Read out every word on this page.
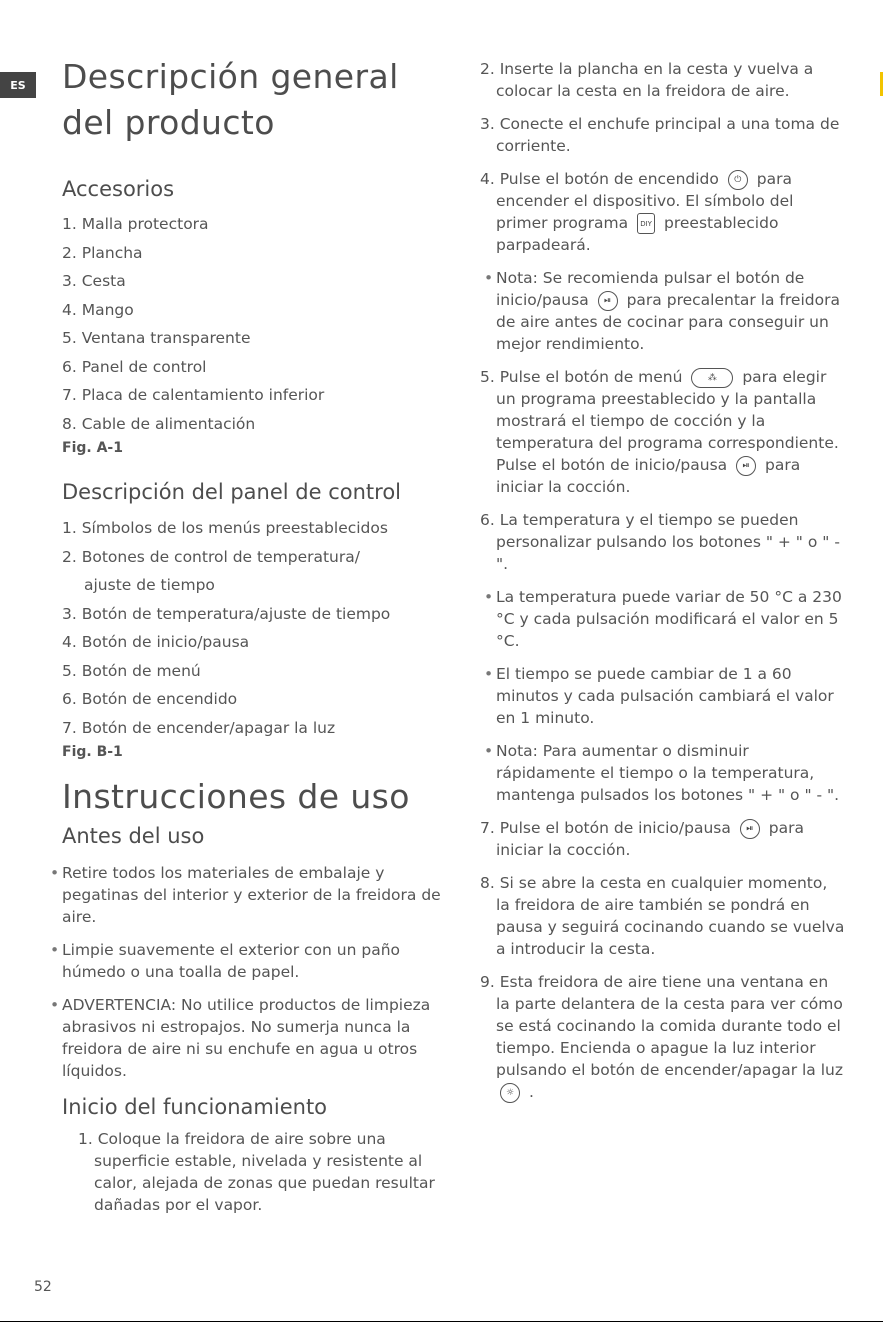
ES	Descripción general
del producto
Accesorios
1. Malla protectora
2. Plancha
3. Cesta
4. Mango
5. Ventana transparente
6. Panel de control
7. Placa de calentamiento inferior
8. Cable de alimentación

Fig. A-1

Descripción del panel de control
1. Símbolos de los menús preestablecidos
2. Botones de control de temperatura/
ajuste de tiempo
3. Botón de temperatura/ajuste de tiempo
4. Botón de inicio/pausa
5. Botón de menú
6. Botón de encendido
7. Botón de encender/apagar la luz

Fig. B-1

Instrucciones de uso
Antes del uso
• Retire todos los materiales de embalaje y pegatinas del interior y exterior de la freidora de aire.
• Limpie suavemente el exterior con un paño húmedo o una toalla de papel.
• ADVERTENCIA: No utilice productos de limpieza abrasivos ni estropajos. No sumerja nunca la freidora de aire ni su enchufe en agua u otros líquidos.
Inicio del funcionamiento
1. Coloque la freidora de aire sobre una superficie estable, nivelada y resistente al calor, alejada de zonas que puedan resultar dañadas por el vapor.
2. Inserte la plancha en la cesta y vuelva a colocar la cesta en la freidora de aire.
3. Conecte el enchufe principal a una toma de corriente.
4. Pulse el botón de encendido ⏻ para encender el dispositivo. El símbolo del primer programa DIY preestablecido parpadeará.
• Nota: Se recomienda pulsar el botón de inicio/pausa ⏯ para precalentar la freidora de aire antes de cocinar para conseguir un mejor rendimiento.
5. Pulse el botón de menú	⁂ para elegir un programa preestablecido y la pantalla mostrará el tiempo de cocción y la temperatura del programa correspondiente. Pulse el botón de inicio/pausa ⏯ para iniciar la cocción.
6. La temperatura y el tiempo se pueden personalizar pulsando los botones " + " o " - ".
• La temperatura puede variar de 50 °C a 230 °C y cada pulsación modificará el valor en 5 °C.
• El tiempo se puede cambiar de 1 a 60 minutos y cada pulsación cambiará el valor en 1 minuto.
• Nota: Para aumentar o disminuir rápidamente el tiempo o la temperatura, mantenga pulsados los botones " + " o " - ".
7. Pulse el botón de inicio/pausa ⏯ para iniciar la cocción.
8. Si se abre la cesta en cualquier momento, la freidora de aire también se pondrá en pausa y seguirá cocinando cuando se vuelva a introducir la cesta.
9. Esta freidora de aire tiene una ventana en la parte delantera de la cesta para ver cómo se está cocinando la comida durante todo el tiempo. Encienda o apague la luz interior pulsando el botón de encender/apagar la luz ☼ .
52
